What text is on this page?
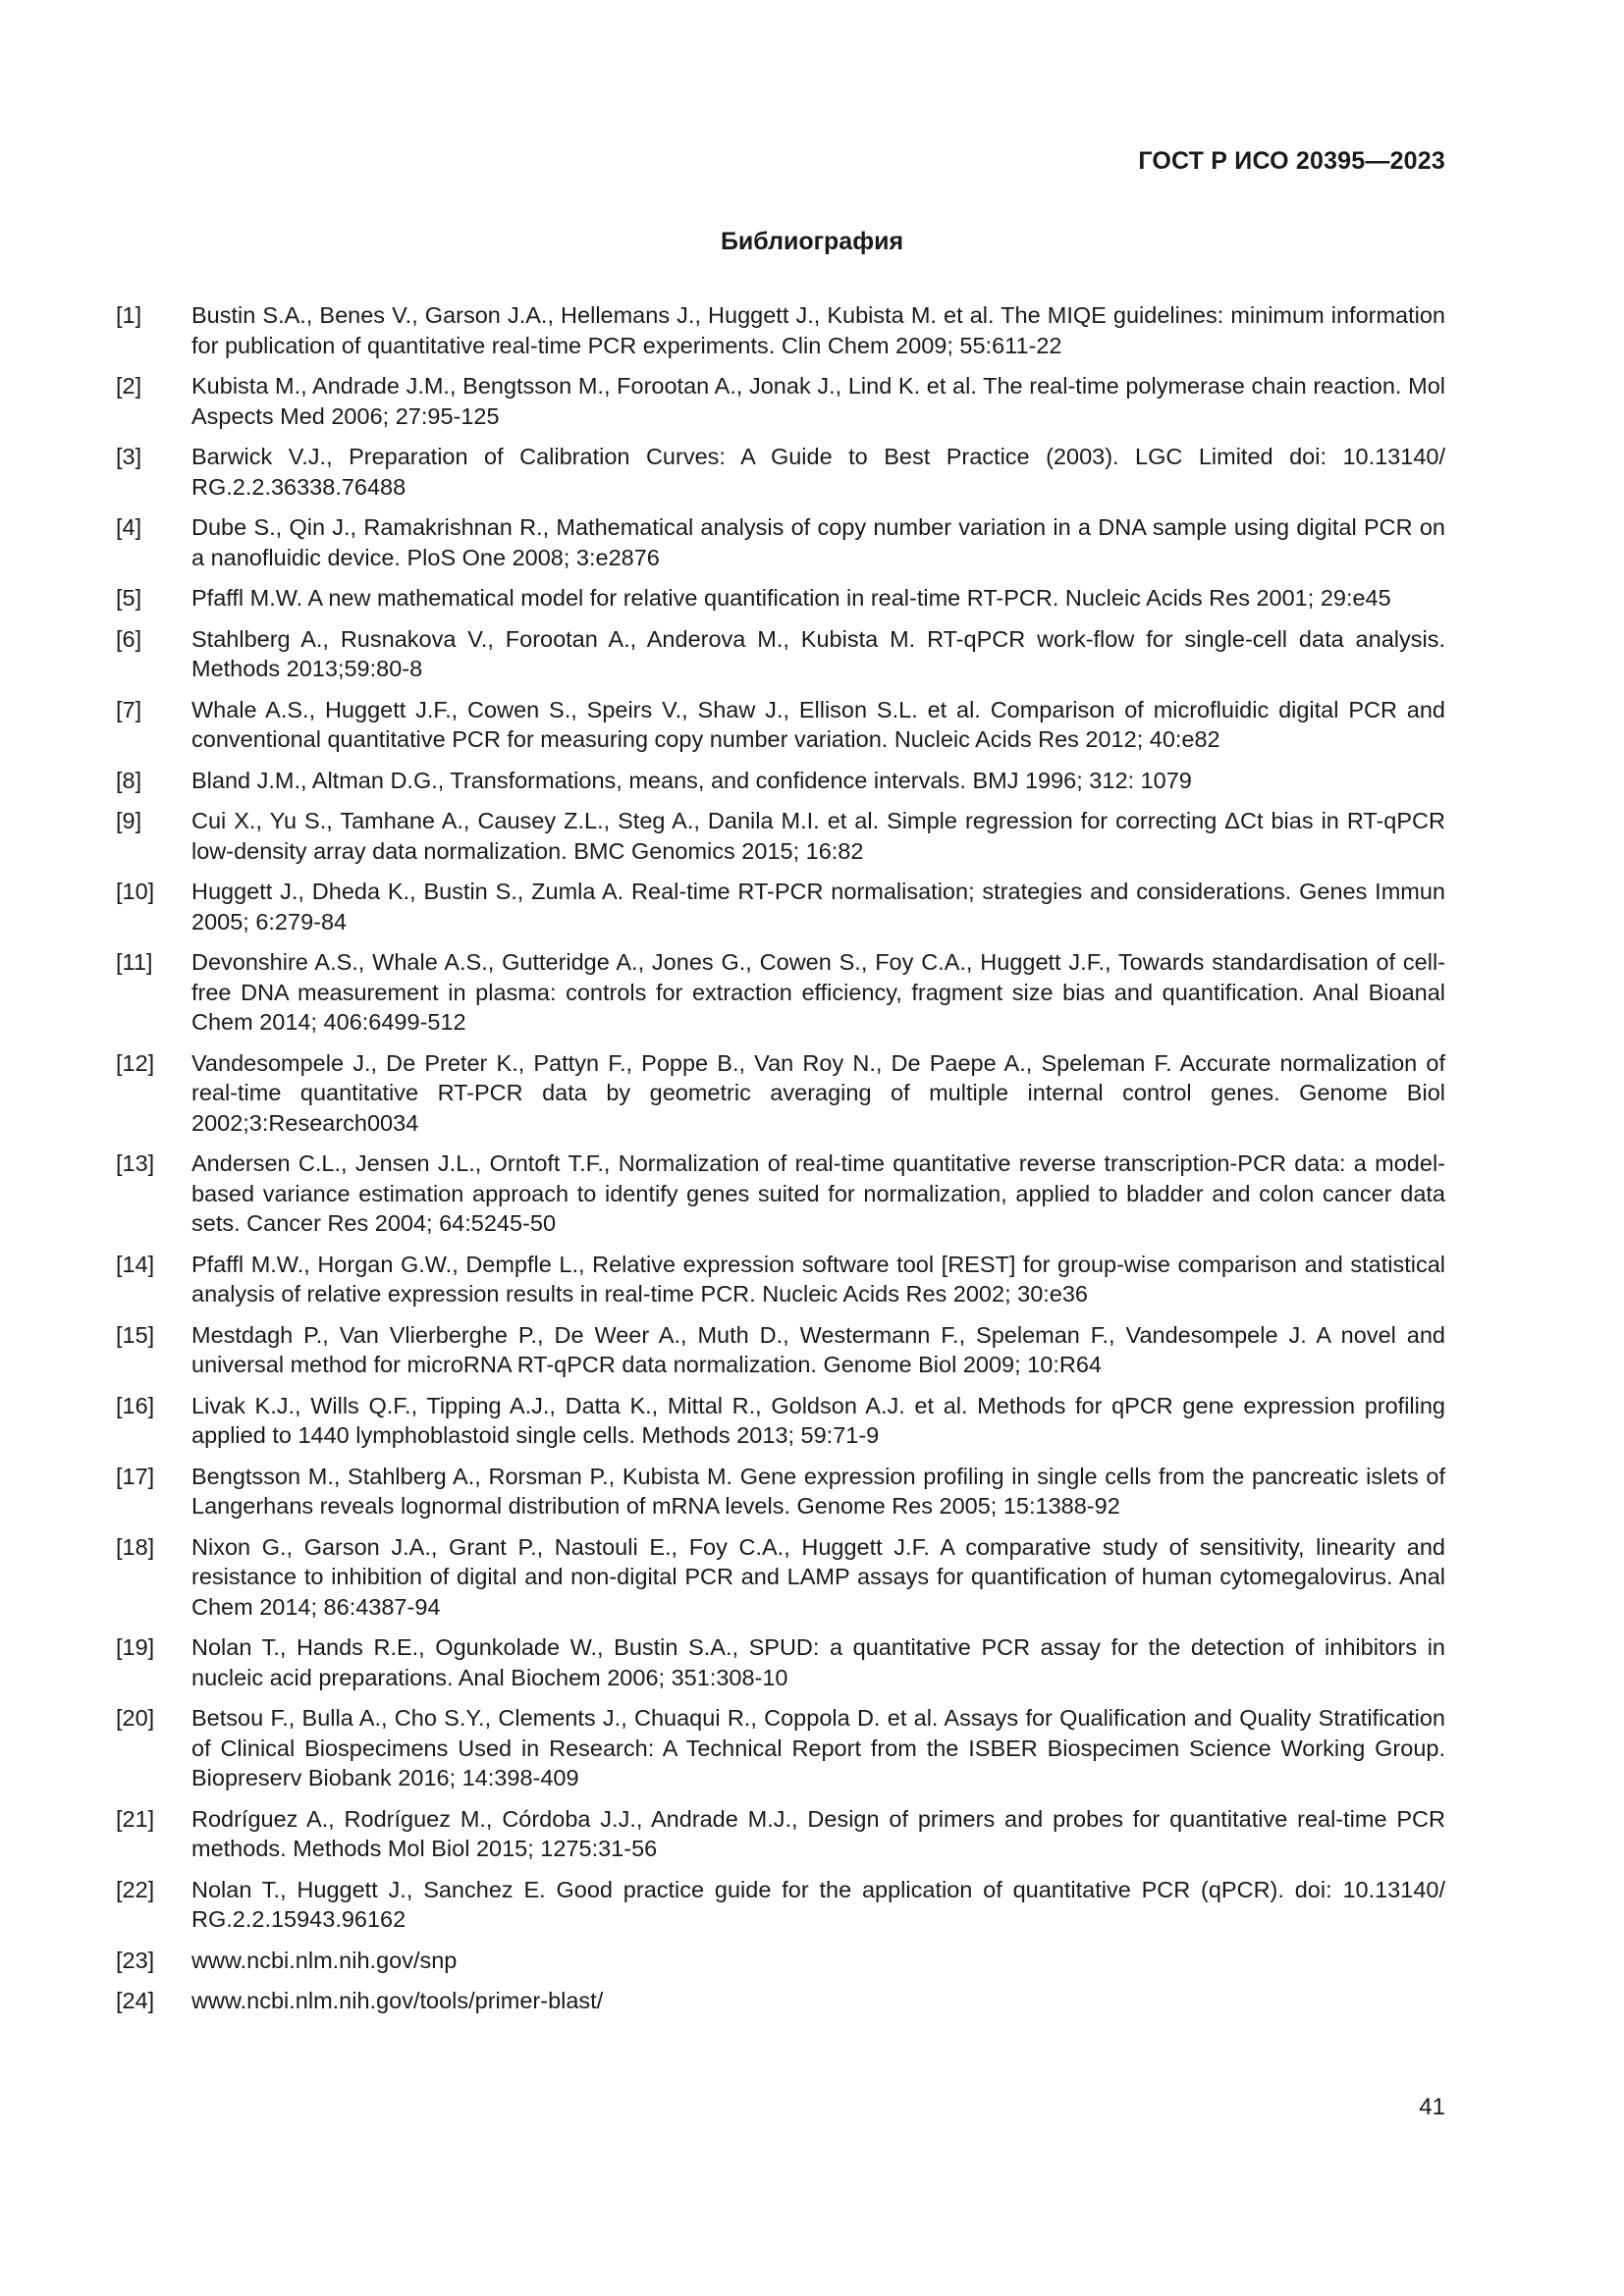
ГОСТ Р ИСО 20395—2023
Библиография
[1]	Bustin S.A., Benes V., Garson J.A., Hellemans J., Huggett J., Kubista M. et al. The MIQE guidelines: minimum information for publication of quantitative real-time PCR experiments. Clin Chem 2009; 55:611-22
[2]	Kubista M., Andrade J.M., Bengtsson M., Forootan A., Jonak J., Lind K. et al. The real-time polymerase chain reaction. Mol Aspects Med 2006; 27:95-125
[3]	Barwick V.J., Preparation of Calibration Curves: A Guide to Best Practice (2003). LGC Limited doi: 10.13140/ RG.2.2.36338.76488
[4]	Dube S., Qin J., Ramakrishnan R., Mathematical analysis of copy number variation in a DNA sample using digital PCR on a nanofluidic device. PloS One 2008; 3:e2876
[5]	Pfaffl M.W. A new mathematical model for relative quantification in real-time RT-PCR. Nucleic Acids Res 2001; 29:e45
[6]	Stahlberg A., Rusnakova V., Forootan A., Anderova M., Kubista M. RT-qPCR work-flow for single-cell data analysis. Methods 2013;59:80-8
[7]	Whale A.S., Huggett J.F., Cowen S., Speirs V., Shaw J., Ellison S.L. et al. Comparison of microfluidic digital PCR and conventional quantitative PCR for measuring copy number variation. Nucleic Acids Res 2012; 40:e82
[8]	Bland J.M., Altman D.G., Transformations, means, and confidence intervals. BMJ 1996; 312: 1079
[9]	Cui X., Yu S., Tamhane A., Causey Z.L., Steg A., Danila M.I. et al. Simple regression for correcting ΔCt bias in RT-qPCR low-density array data normalization. BMC Genomics 2015; 16:82
[10]	Huggett J., Dheda K., Bustin S., Zumla A. Real-time RT-PCR normalisation; strategies and considerations. Genes Immun 2005; 6:279-84
[11]	Devonshire A.S., Whale A.S., Gutteridge A., Jones G., Cowen S., Foy C.A., Huggett J.F., Towards standardisation of cell-free DNA measurement in plasma: controls for extraction efficiency, fragment size bias and quantification. Anal Bioanal Chem 2014; 406:6499-512
[12]	Vandesompele J., De Preter K., Pattyn F., Poppe B., Van Roy N., De Paepe A., Speleman F. Accurate normalization of real-time quantitative RT-PCR data by geometric averaging of multiple internal control genes. Genome Biol 2002;3:Research0034
[13]	Andersen C.L., Jensen J.L., Orntoft T.F., Normalization of real-time quantitative reverse transcription-PCR data: a model-based variance estimation approach to identify genes suited for normalization, applied to bladder and colon cancer data sets. Cancer Res 2004; 64:5245-50
[14]	Pfaffl M.W., Horgan G.W., Dempfle L., Relative expression software tool [REST] for group-wise comparison and statistical analysis of relative expression results in real-time PCR. Nucleic Acids Res 2002; 30:e36
[15]	Mestdagh P., Van Vlierberghe P., De Weer A., Muth D., Westermann F., Speleman F., Vandesompele J. A novel and universal method for microRNA RT-qPCR data normalization. Genome Biol 2009; 10:R64
[16]	Livak K.J., Wills Q.F., Tipping A.J., Datta K., Mittal R., Goldson A.J. et al. Methods for qPCR gene expression profiling applied to 1440 lymphoblastoid single cells. Methods 2013; 59:71-9
[17]	Bengtsson M., Stahlberg A., Rorsman P., Kubista M. Gene expression profiling in single cells from the pancreatic islets of Langerhans reveals lognormal distribution of mRNA levels. Genome Res 2005; 15:1388-92
[18]	Nixon G., Garson J.A., Grant P., Nastouli E., Foy C.A., Huggett J.F. A comparative study of sensitivity, linearity and resistance to inhibition of digital and non-digital PCR and LAMP assays for quantification of human cytomegalovirus. Anal Chem 2014; 86:4387-94
[19]	Nolan T., Hands R.E., Ogunkolade W., Bustin S.A., SPUD: a quantitative PCR assay for the detection of inhibitors in nucleic acid preparations. Anal Biochem 2006; 351:308-10
[20]	Betsou F., Bulla A., Cho S.Y., Clements J., Chuaqui R., Coppola D. et al. Assays for Qualification and Quality Stratification of Clinical Biospecimens Used in Research: A Technical Report from the ISBER Biospecimen Science Working Group. Biopreserv Biobank 2016; 14:398-409
[21]	Rodríguez A., Rodríguez M., Córdoba J.J., Andrade M.J., Design of primers and probes for quantitative real-time PCR methods. Methods Mol Biol 2015; 1275:31-56
[22]	Nolan T., Huggett J., Sanchez E. Good practice guide for the application of quantitative PCR (qPCR). doi: 10.13140/ RG.2.2.15943.96162
[23]	www.ncbi.nlm.nih.gov/snp
[24]	www.ncbi.nlm.nih.gov/tools/primer-blast/
41
